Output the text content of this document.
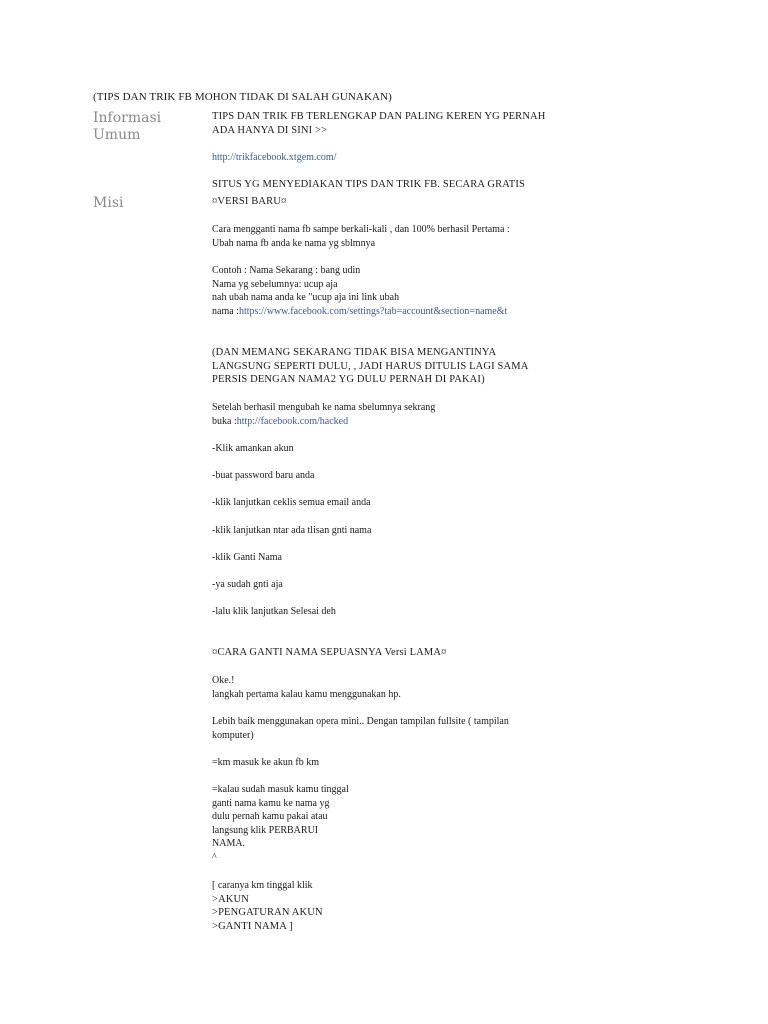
(TIPS DAN TRIK FB MOHON TIDAK DI SALAH GUNAKAN)
Informasi
Umum
Misi

TIPS DAN TRIK FB TERLENGKAP DAN PALING KEREN YG PERNAH

ADA HANYA DI SINI >>

http://trikfacebook.xtgem.com/

SITUS YG MENYEDIAKAN TIPS DAN TRIK FB. SECARA GRATIS

¤VERSI BARU¤

Cara mengganti nama fb sampe berkali-kali , dan 100% berhasil Pertama :

Ubah nama fb anda ke nama yg sblmnya

Contoh : Nama Sekarang : bang udin

Nama yg sebelumnya: ucup aja

nah ubah nama anda ke "ucup aja ini link ubah

nama :https://www.facebook.com/settings?tab=account&section=name&t

(DAN MEMANG SEKARANG TIDAK BISA MENGANTINYA

LANGSUNG SEPERTI DULU, , JADI HARUS DITULIS LAGI SAMA

PERSIS DENGAN NAMA2 YG DULU PERNAH DI PAKAI)

Setelah berhasil mengubah ke nama sbelumnya sekrang

buka :http://facebook.com/hacked

-Klik amankan akun

-buat password baru anda

-klik lanjutkan ceklis semua email anda

-klik lanjutkan ntar ada tlisan gnti nama

-klik Ganti Nama

-ya sudah gnti aja

-lalu klik lanjutkan Selesai deh

¤CARA GANTI NAMA SEPUASNYA Versi LAMA¤

Oke.!

langkah pertama kalau kamu menggunakan hp.

Lebih baik menggunakan opera mini.. Dengan tampilan fullsite ( tampilan

komputer)

=km masuk ke akun fb km

=kalau sudah masuk kamu tinggal

ganti nama kamu ke nama yg

dulu pernah kamu pakai atau

langsung klik PERBARUI

NAMA.

^

[ caranya km tinggal klik

>AKUN

>PENGATURAN AKUN

>GANTI NAMA ]
